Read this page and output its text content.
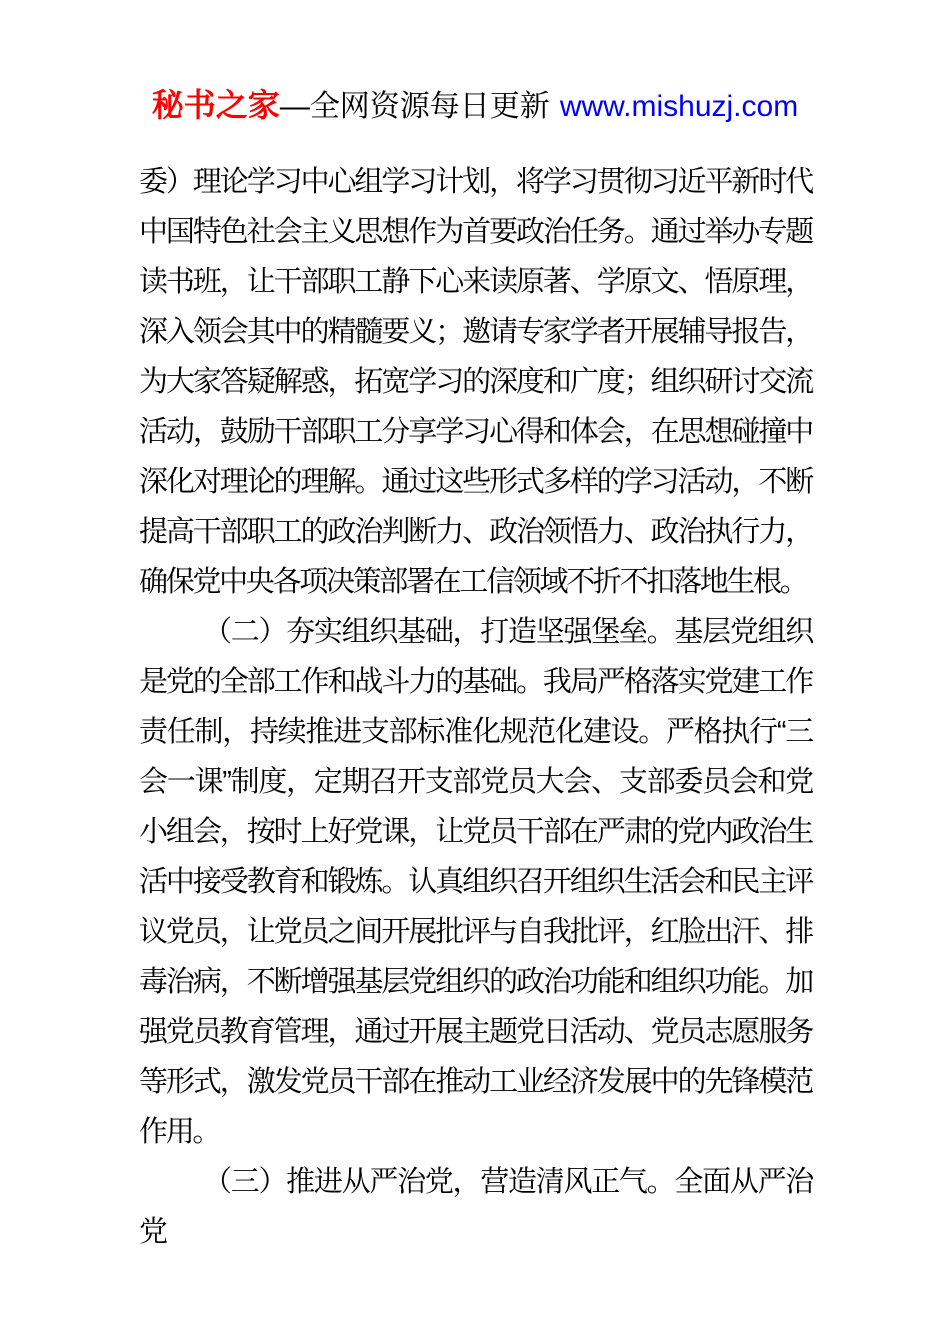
秘书之家—全网资源每日更新 www.mishuzj.com

委）理论学习中心组学习计划，将学习贯彻习近平新时代中国特色社会主义思想作为首要政治任务。通过举办专题读书班，让干部职工静下心来读原著、学原文、悟原理，深入领会其中的精髓要义；邀请专家学者开展辅导报告，为大家答疑解惑，拓宽学习的深度和广度；组织研讨交流活动，鼓励干部职工分享学习心得和体会，在思想碰撞中深化对理论的理解。通过这些形式多样的学习活动，不断提高干部职工的政治判断力、政治领悟力、政治执行力，确保党中央各项决策部署在工信领域不折不扣落地生根。

（二）夯实组织基础，打造坚强堡垒。基层党组织是党的全部工作和战斗力的基础。我局严格落实党建工作责任制，持续推进支部标准化规范化建设。严格执行“三会一课”制度，定期召开支部党员大会、支部委员会和党小组会，按时上好党课，让党员干部在严肃的党内政治生活中接受教育和锻炼。认真组织召开组织生活会和民主评议党员，让党员之间开展批评与自我批评，红脸出汗、排毒治病，不断增强基层党组织的政治功能和组织功能。加强党员教育管理，通过开展主题党日活动、党员志愿服务等形式，激发党员干部在推动工业经济发展中的先锋模范作用。

（三）推进从严治党，营造清风正气。全面从严治党
